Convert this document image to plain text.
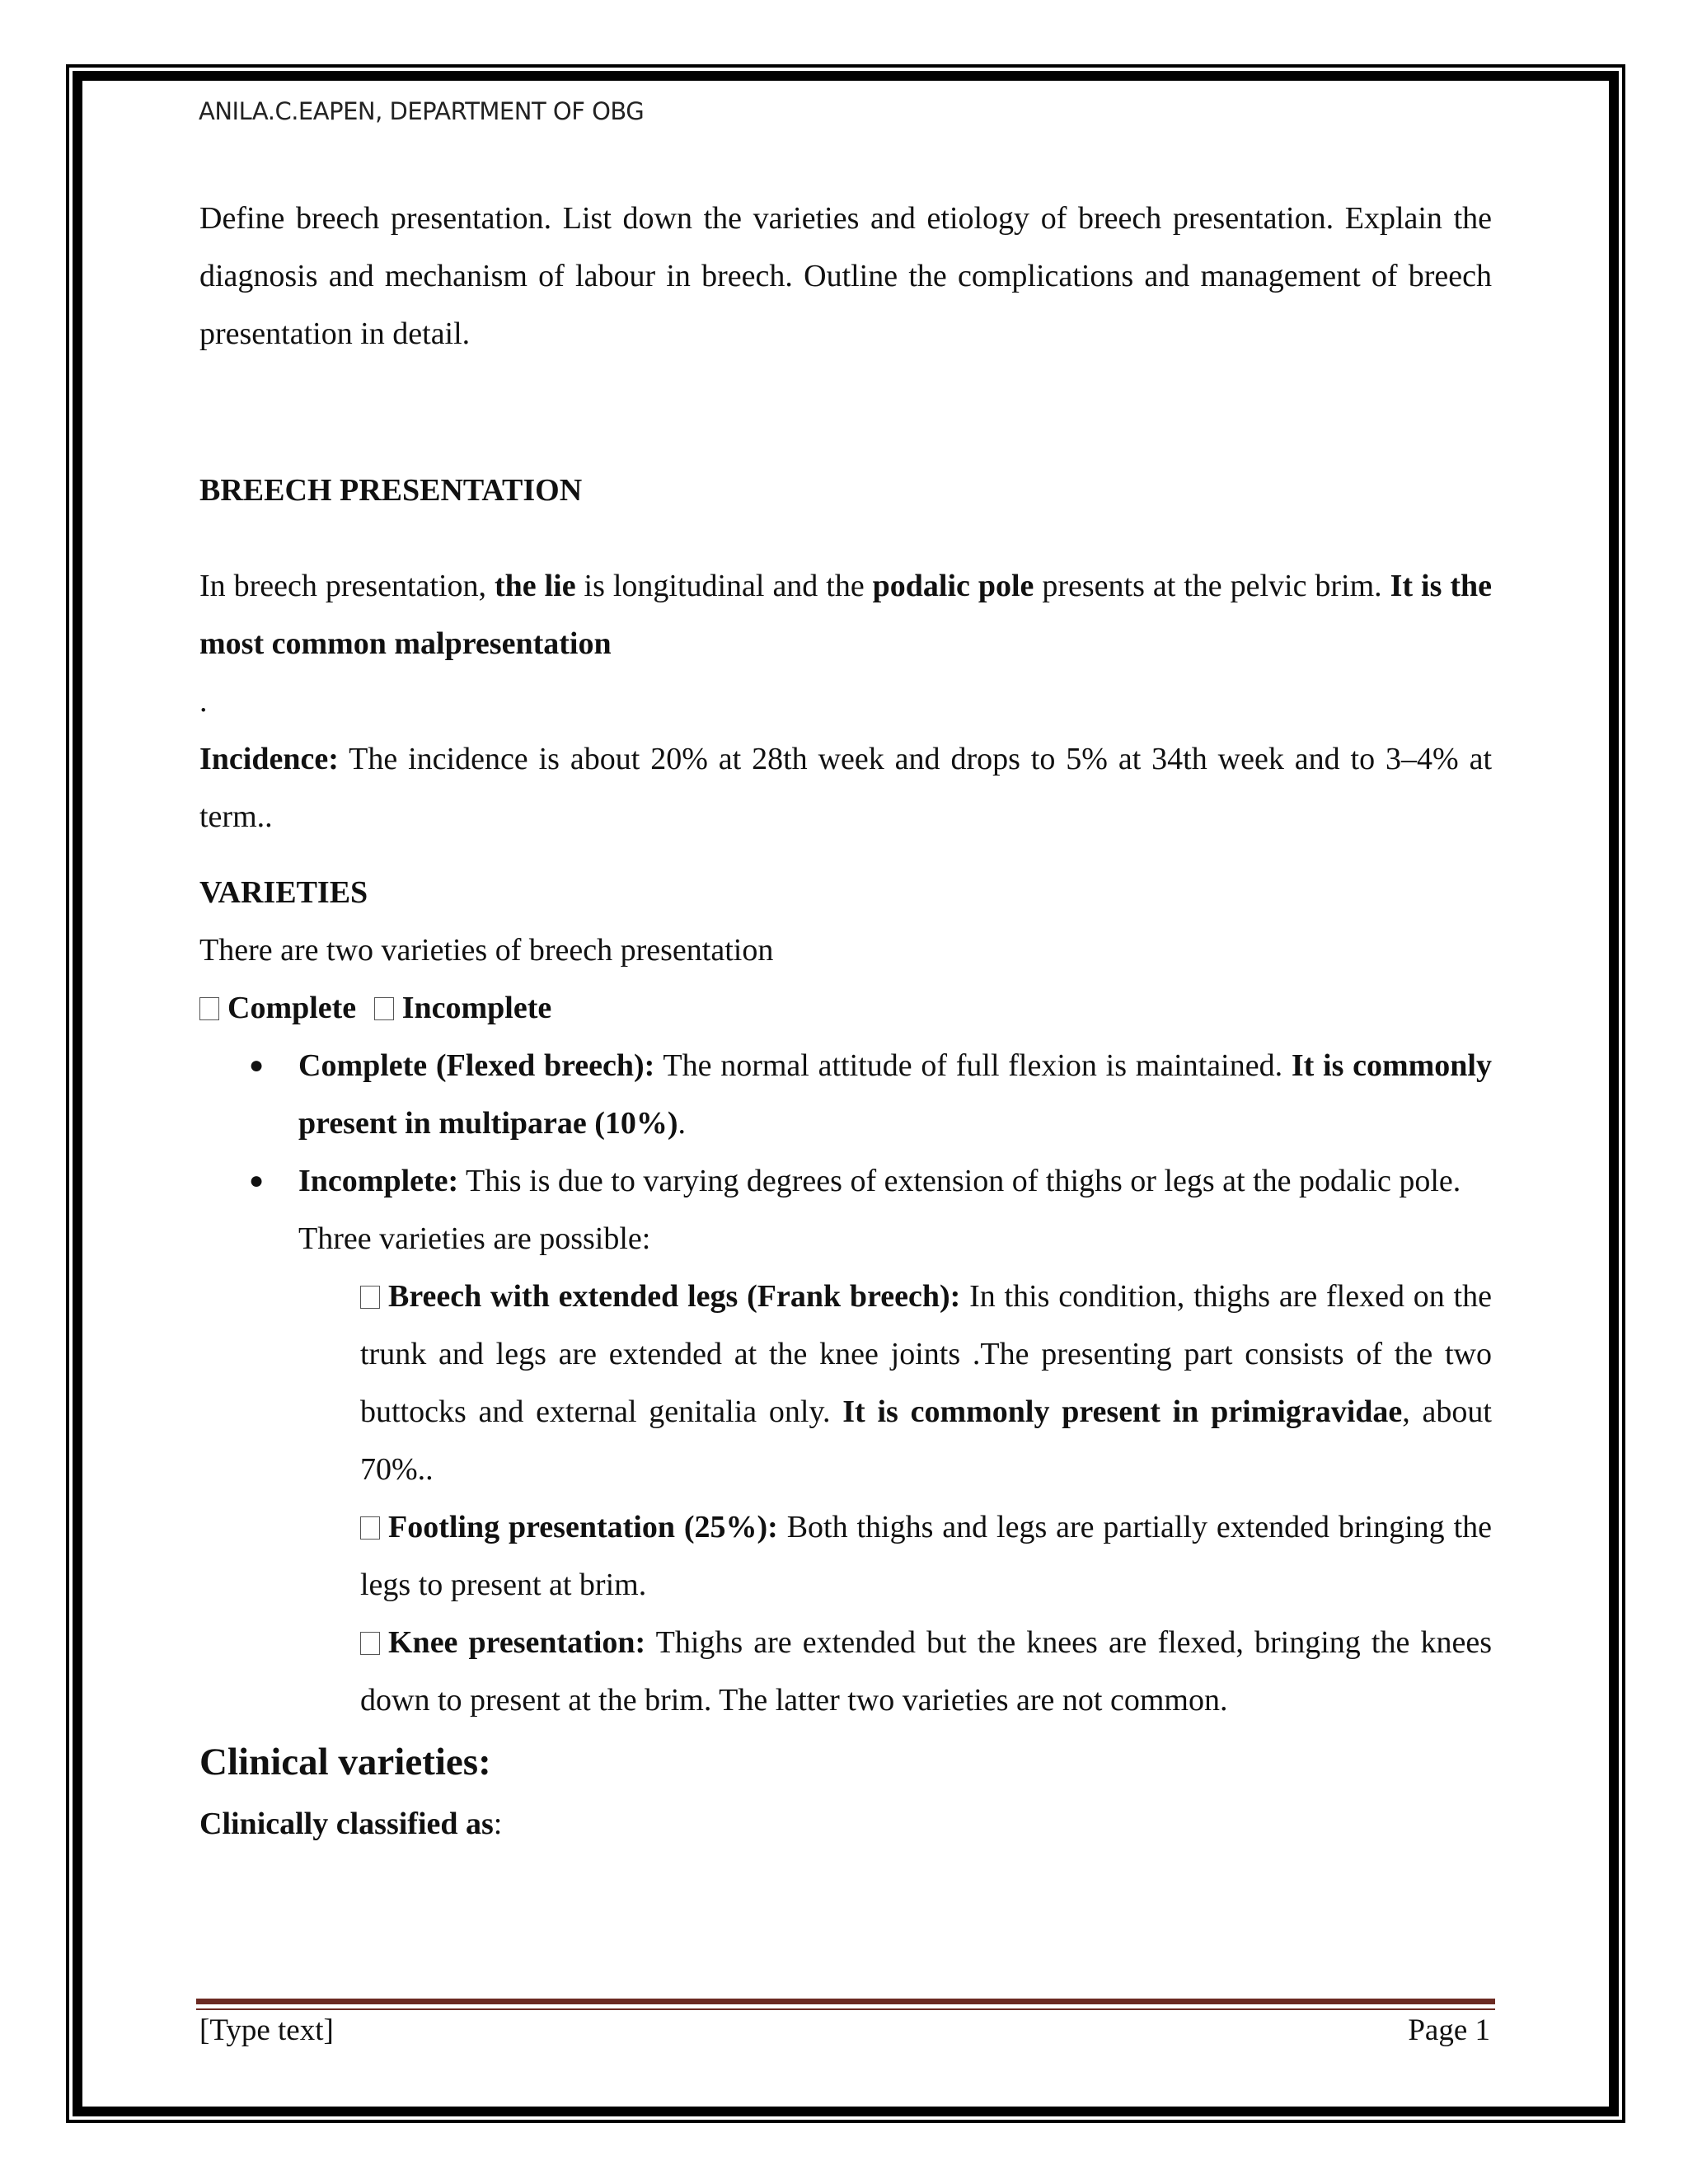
ANILA.C.EAPEN, DEPARTMENT OF OBG

Define breech presentation. List down the varieties and etiology of breech presentation. Explain the diagnosis and mechanism of labour in breech. Outline the complications and management of breech presentation in detail.

BREECH PRESENTATION

In breech presentation, the lie is longitudinal and the podalic pole presents at the pelvic brim. It is the most common malpresentation

.

Incidence: The incidence is about 20% at 28th week and drops to 5% at 34th week and to 3–4% at term..

VARIETIES

There are two varieties of breech presentation

Complete Incomplete

● Complete (Flexed breech): The normal attitude of full flexion is maintained. It is commonly present in multiparae (10%).

● Incomplete: This is due to varying degrees of extension of thighs or legs at the podalic pole.

Three varieties are possible:

Breech with extended legs (Frank breech): In this condition, thighs are flexed on the trunk and legs are extended at the knee joints .The presenting part consists of the two buttocks and external genitalia only. It is commonly present in primigravidae, about 70%..

Footling presentation (25%): Both thighs and legs are partially extended bringing the legs to present at brim.

Knee presentation: Thighs are extended but the knees are flexed, bringing the knees down to present at the brim. The latter two varieties are not common.

Clinical varieties:

Clinically classified as:

[Type text]	Page 1
